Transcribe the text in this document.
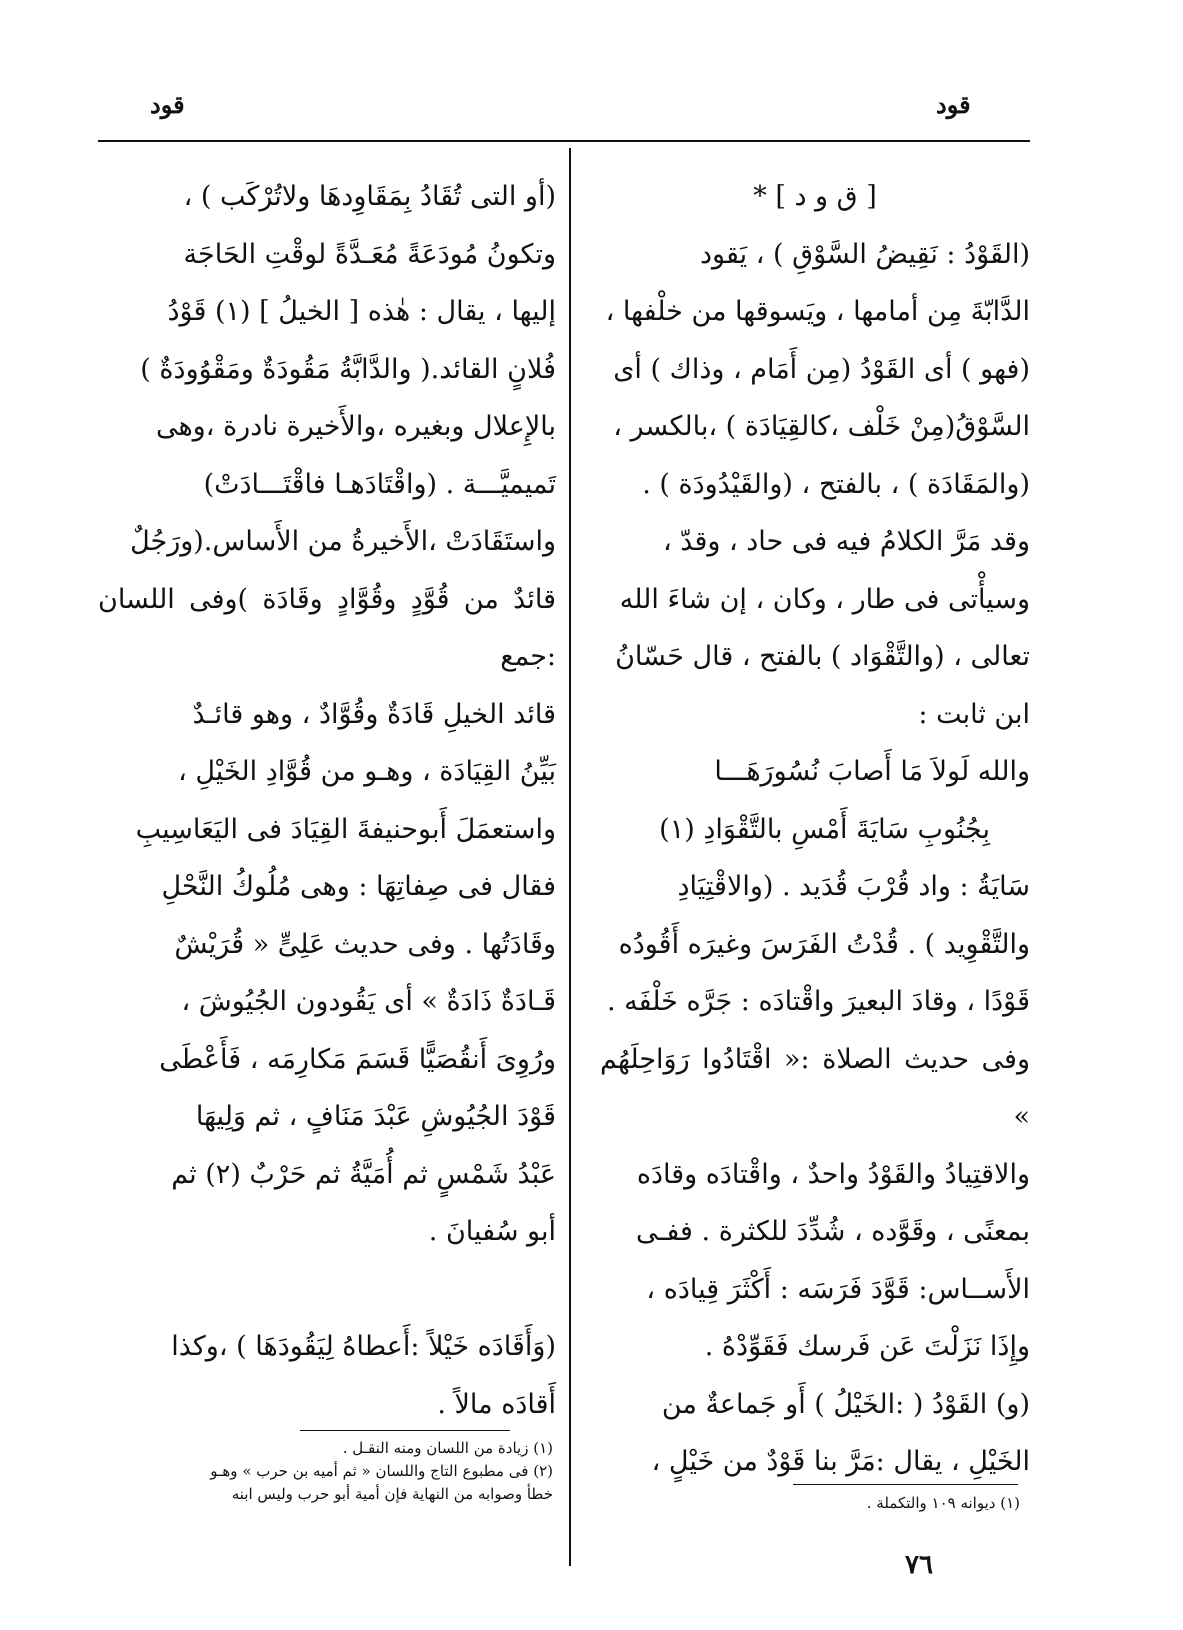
قود
قود

[ ق و د ] *

(القَوْدُ : نَقِيضُ السَّوْقِ ) ، يَقود

الدَّابّةَ مِن أمامها ، ويَسوقها من خلْفها ،

(فهو ) أى القَوْدُ (مِن أَمَام ، وذاك ) أى

السَّوْقُ(مِنْ خَلْف ،كالقِيَادَة ) ،بالكسر ،

(والمَقَادَة ) ، بالفتح ، (والقَيْدُودَة ) .

وقد مَرَّ الكلامُ فيه فى حاد ، وقدّ ،

وسيأْتى فى طار ، وكان ، إن شاءَ الله

تعالى ، (والتَّقْوَاد ) بالفتح ، قال حَسّانُ

ابن ثابت :

والله لَولاَ مَا أَصابَ نُسُورَهَـــا

بِجُنُوبِ سَايَةَ أَمْسِ بالتَّقْوَادِ (١)

سَايَةُ : واد قُرْبَ قُدَيد . (والاقْتِيَادِ

والتَّقْوِيد ) . قُدْتُ الفَرَسَ وغيرَه أَقُودُه

قَوْدًا ، وقادَ البعيرَ واقْتادَه : جَرَّه خَلْفَه .

وفى حديث الصلاة :« اقْتَادُوا رَوَاحِلَهُم »

والاقتِيادُ والقَوْدُ واحدٌ ، واقْتادَه وقادَه

بمعنًى ، وقَوَّده ، شُدِّدَ للكثرة . ففـى

الأَســاس: قَوَّدَ فَرَسَه : أَكْثَرَ قِيادَه ،

وإِذَا نَزَلْتَ عَن فَرسك فَقَوِّدْهُ .

(و) القَوْدُ ( :الخَيْلُ ) أَو جَماعةٌ من

الخَيْلِ ، يقال :مَرَّ بنا قَوْدٌ من خَيْلٍ ،

(أو التى تُقَادُ بِمَقَاوِدهَا ولاتُرْكَب ) ،

وتكونُ مُودَعَةً مُعَـدَّةً لوقْتِ الحَاجَة

إليها ، يقال : هٰذه [ الخيلُ ] (١) قَوْدُ

فُلانٍ القائد.( والدَّابَّةُ مَقُودَةٌ ومَقْوُودَةٌ )

بالإِعلال وبغيره ،والأَخيرة نادرة ،وهى

تَميميَّـــة . (واقْتَادَهـا فاقْتَـــادَتْ)

واستَقَادَتْ ،الأَخيرةُ من الأَساس.(ورَجُلٌ

قائدٌ من قُوَّدٍ وقُوَّادٍ وقَادَة )وفى اللسان :جمع

قائد الخيلِ قَادَةٌ وقُوَّادٌ ، وهو قائـدٌ

بَيِّنُ القِيَادَة ، وهـو من قُوَّادِ الخَيْلِ ،

واستعمَلَ أَبوحنيفةَ القِيَادَ فى اليَعَاسِيبِ

فقال فى صِفاتِهَا : وهى مُلُوكُ النَّحْلِ

وقَادَتُها . وفى حديث عَلِىٍّ « قُرَيْشٌ

قَـادَةٌ ذَادَةٌ » أى يَقُودون الجُيُوشَ ،

ورُوِىَ أَنقُصَيًّا قَسَمَ مَكارِمَه ، فَأَعْطَى

قَوْدَ الجُيُوشِ عَبْدَ مَنَافٍ ، ثم وَلِيهَا

عَبْدُ شَمْسٍ ثم أُمَيَّةُ ثم حَرْبٌ (٢) ثم

أبو سُفيانَ .

(وَأَقَادَه خَيْلاً :أَعطاهُ لِيَقُودَهَا ) ،وكذا

أَقادَه مالاً .

(١) ديوانه ١٠٩ والتكملة .
(١) زيادة من اللسان ومنه النقـل .
(٢) فى مطبوع التاج واللسان « ثم أميه بن حرب » وهـو
خطأ وصوابه من النهاية فإن أمية أبو حرب وليس ابنه
٧٦
